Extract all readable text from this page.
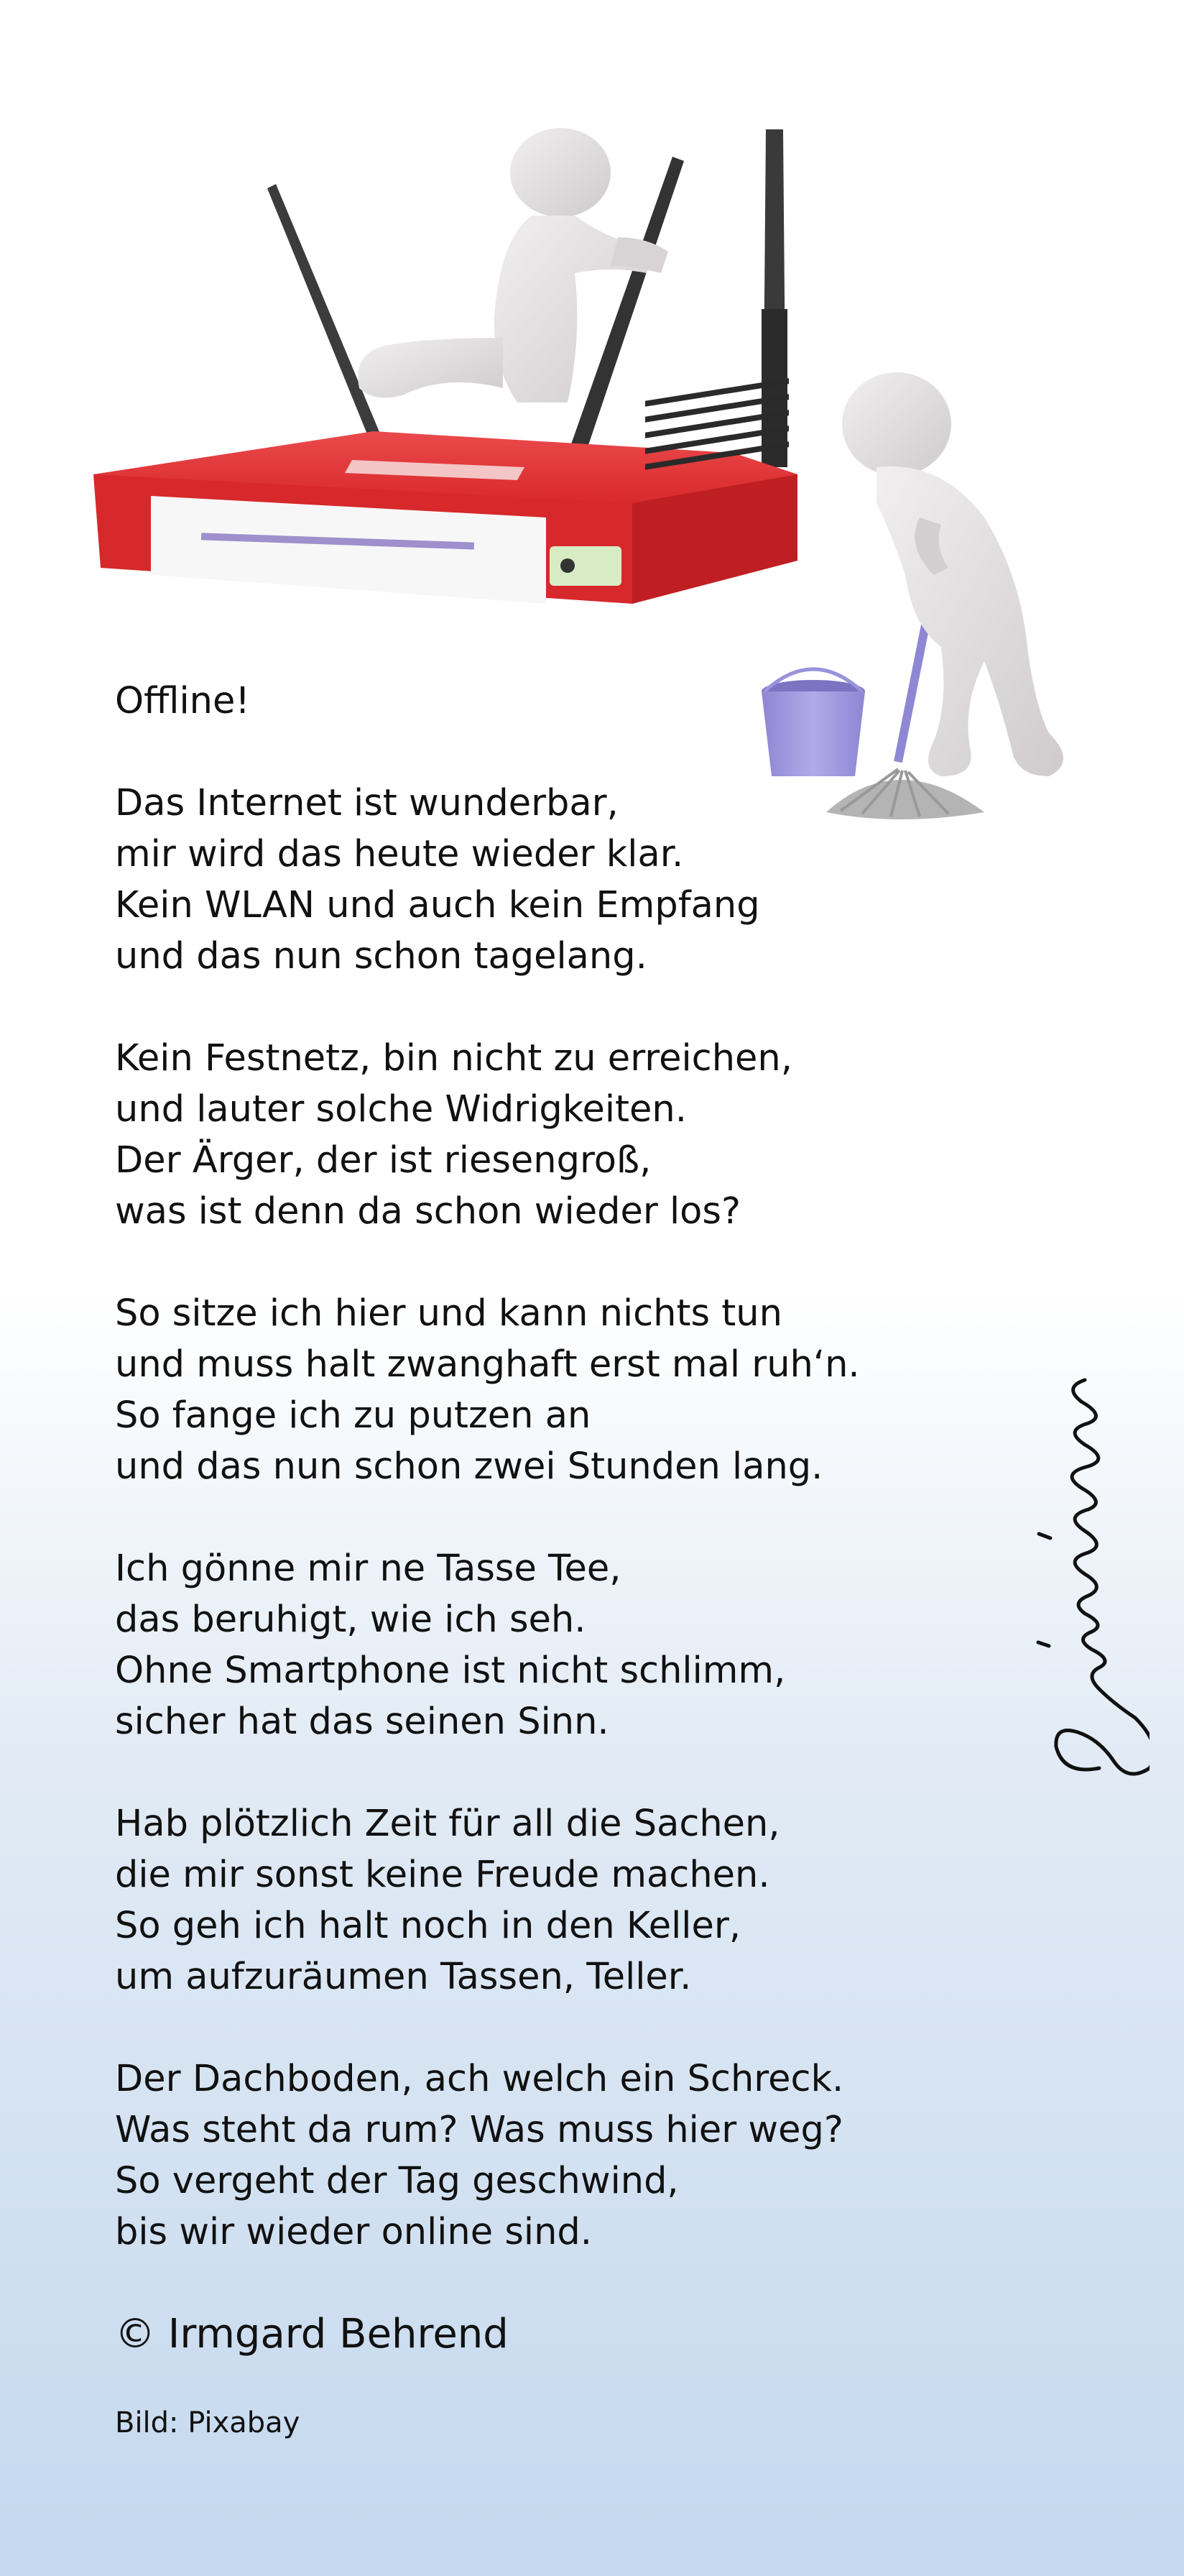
Offline!
Das Internet ist wunderbar,
mir wird das heute wieder klar.
Kein WLAN und auch kein Empfang
und das nun schon tagelang.
Kein Festnetz, bin nicht zu erreichen,
und lauter solche Widrigkeiten.
Der Ärger, der ist riesengroß,
was ist denn da schon wieder los?
So sitze ich hier und kann nichts tun
und muss halt zwanghaft erst mal ruh‘n.
So fange ich zu putzen an
und das nun schon zwei Stunden lang.
Ich gönne mir ne Tasse Tee,
das beruhigt, wie ich seh.
Ohne Smartphone ist nicht schlimm,
sicher hat das seinen Sinn.
Hab plötzlich Zeit für all die Sachen,
die mir sonst keine Freude machen.
So geh ich halt noch in den Keller,
um aufzuräumen Tassen, Teller.
Der Dachboden, ach welch ein Schreck.
Was steht da rum? Was muss hier weg?
So vergeht der Tag geschwind,
bis wir wieder online sind.
© Irmgard Behrend
Bild: Pixabay
